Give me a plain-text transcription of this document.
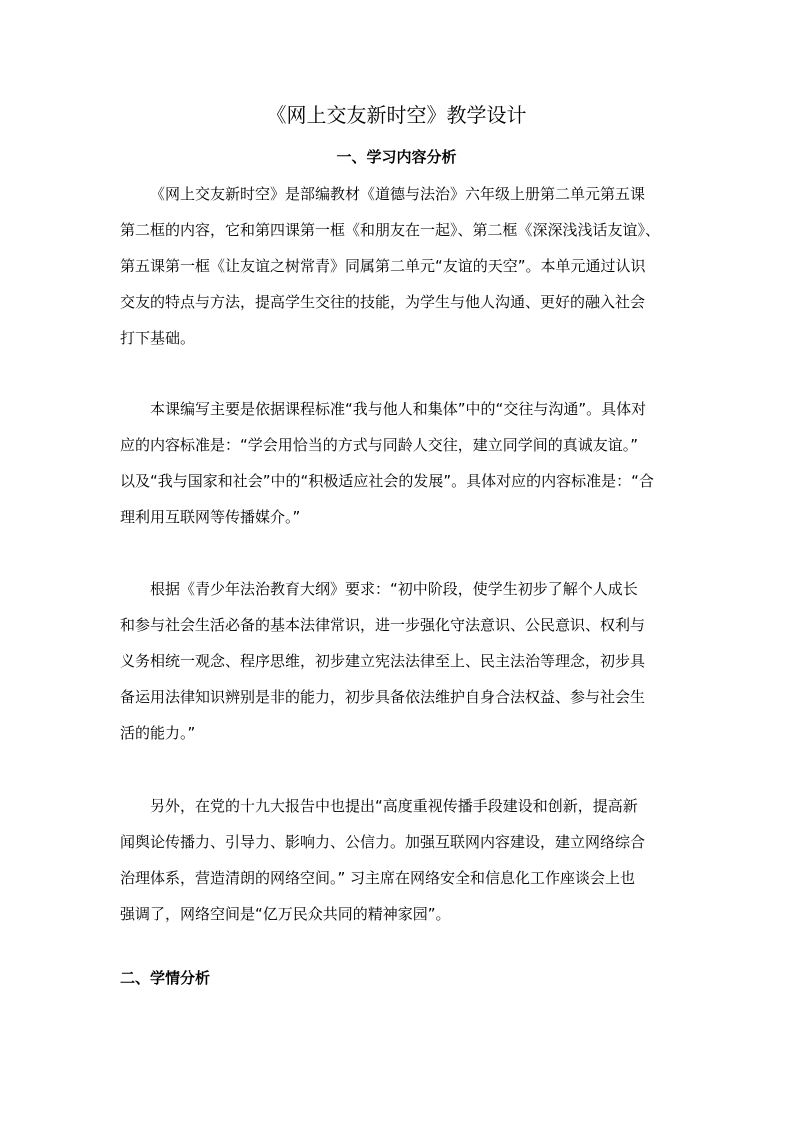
《网上交友新时空》教学设计
一、学习内容分析
《网上交友新时空》是部编教材《道德与法治》六年级上册第二单元第五课
第二框的内容，它和第四课第一框《和朋友在一起》、第二框《深深浅浅话友谊》、
第五课第一框《让友谊之树常青》同属第二单元“友谊的天空”。本单元通过认识
交友的特点与方法，提高学生交往的技能，为学生与他人沟通、更好的融入社会
打下基础。
本课编写主要是依据课程标准“我与他人和集体”中的“交往与沟通”。具体对
应的内容标准是：“学会用恰当的方式与同龄人交往，建立同学间的真诚友谊。”
以及“我与国家和社会”中的“积极适应社会的发展”。具体对应的内容标准是：“合
理利用互联网等传播媒介。”
根据《青少年法治教育大纲》要求：“初中阶段，使学生初步了解个人成长
和参与社会生活必备的基本法律常识，进一步强化守法意识、公民意识、权利与
义务相统一观念、程序思维，初步建立宪法法律至上、民主法治等理念，初步具
备运用法律知识辨别是非的能力，初步具备依法维护自身合法权益、参与社会生
活的能力。”
另外，在党的十九大报告中也提出“高度重视传播手段建设和创新，提高新
闻舆论传播力、引导力、影响力、公信力。加强互联网内容建设，建立网络综合
治理体系，营造清朗的网络空间。” 习主席在网络安全和信息化工作座谈会上也
强调了，网络空间是“亿万民众共同的精神家园”。
二、学情分析
